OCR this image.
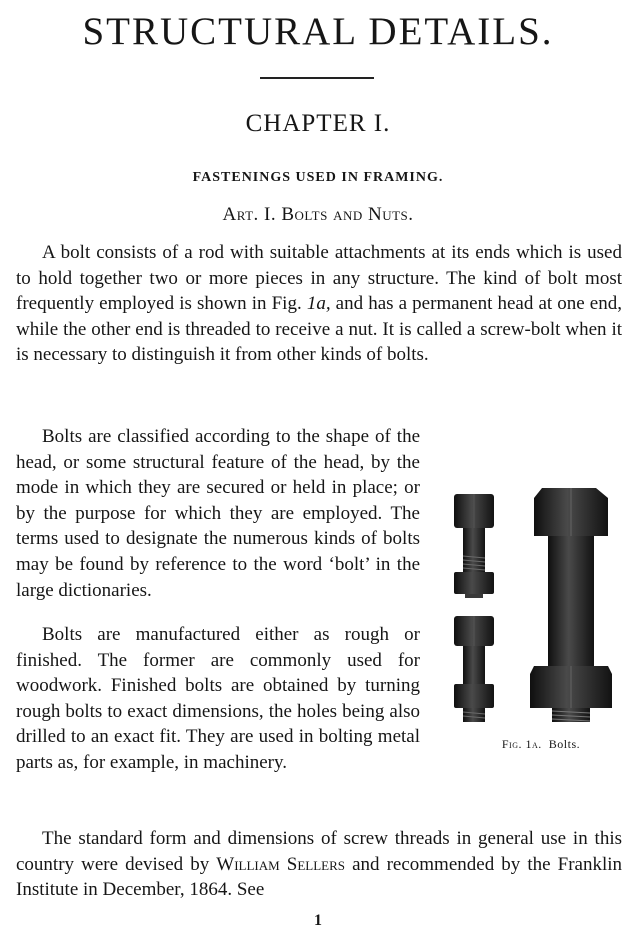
STRUCTURAL DETAILS.
CHAPTER I.
FASTENINGS USED IN FRAMING.
Art. I. Bolts and Nuts.

A bolt consists of a rod with suitable attachments at its ends which is used to hold together two or more pieces in any structure. The kind of bolt most frequently employed is shown in Fig. 1a, and has a permanent head at one end, while the other end is threaded to receive a nut. It is called a screw-bolt when it is necessary to distinguish it from other kinds of bolts.

Bolts are classified according to the shape of the head, or some structural feature of the head, by the mode in which they are secured or held in place; or by the purpose for which they are employed. The terms used to designate the numerous kinds of bolts may be found by reference to the word ‘bolt’ in the large dictionaries.

Bolts are manufactured either as rough or finished. The former are commonly used for woodwork. Finished bolts are obtained by turning rough bolts to exact dimensions, the holes being also drilled to an exact fit. They are used in bolting metal parts as, for example, in machinery.

The standard form and dimensions of screw threads in general use in this country were devised by William Sellers and recommended by the Franklin Institute in December, 1864. See

Fig. 1a. Bolts.
1
